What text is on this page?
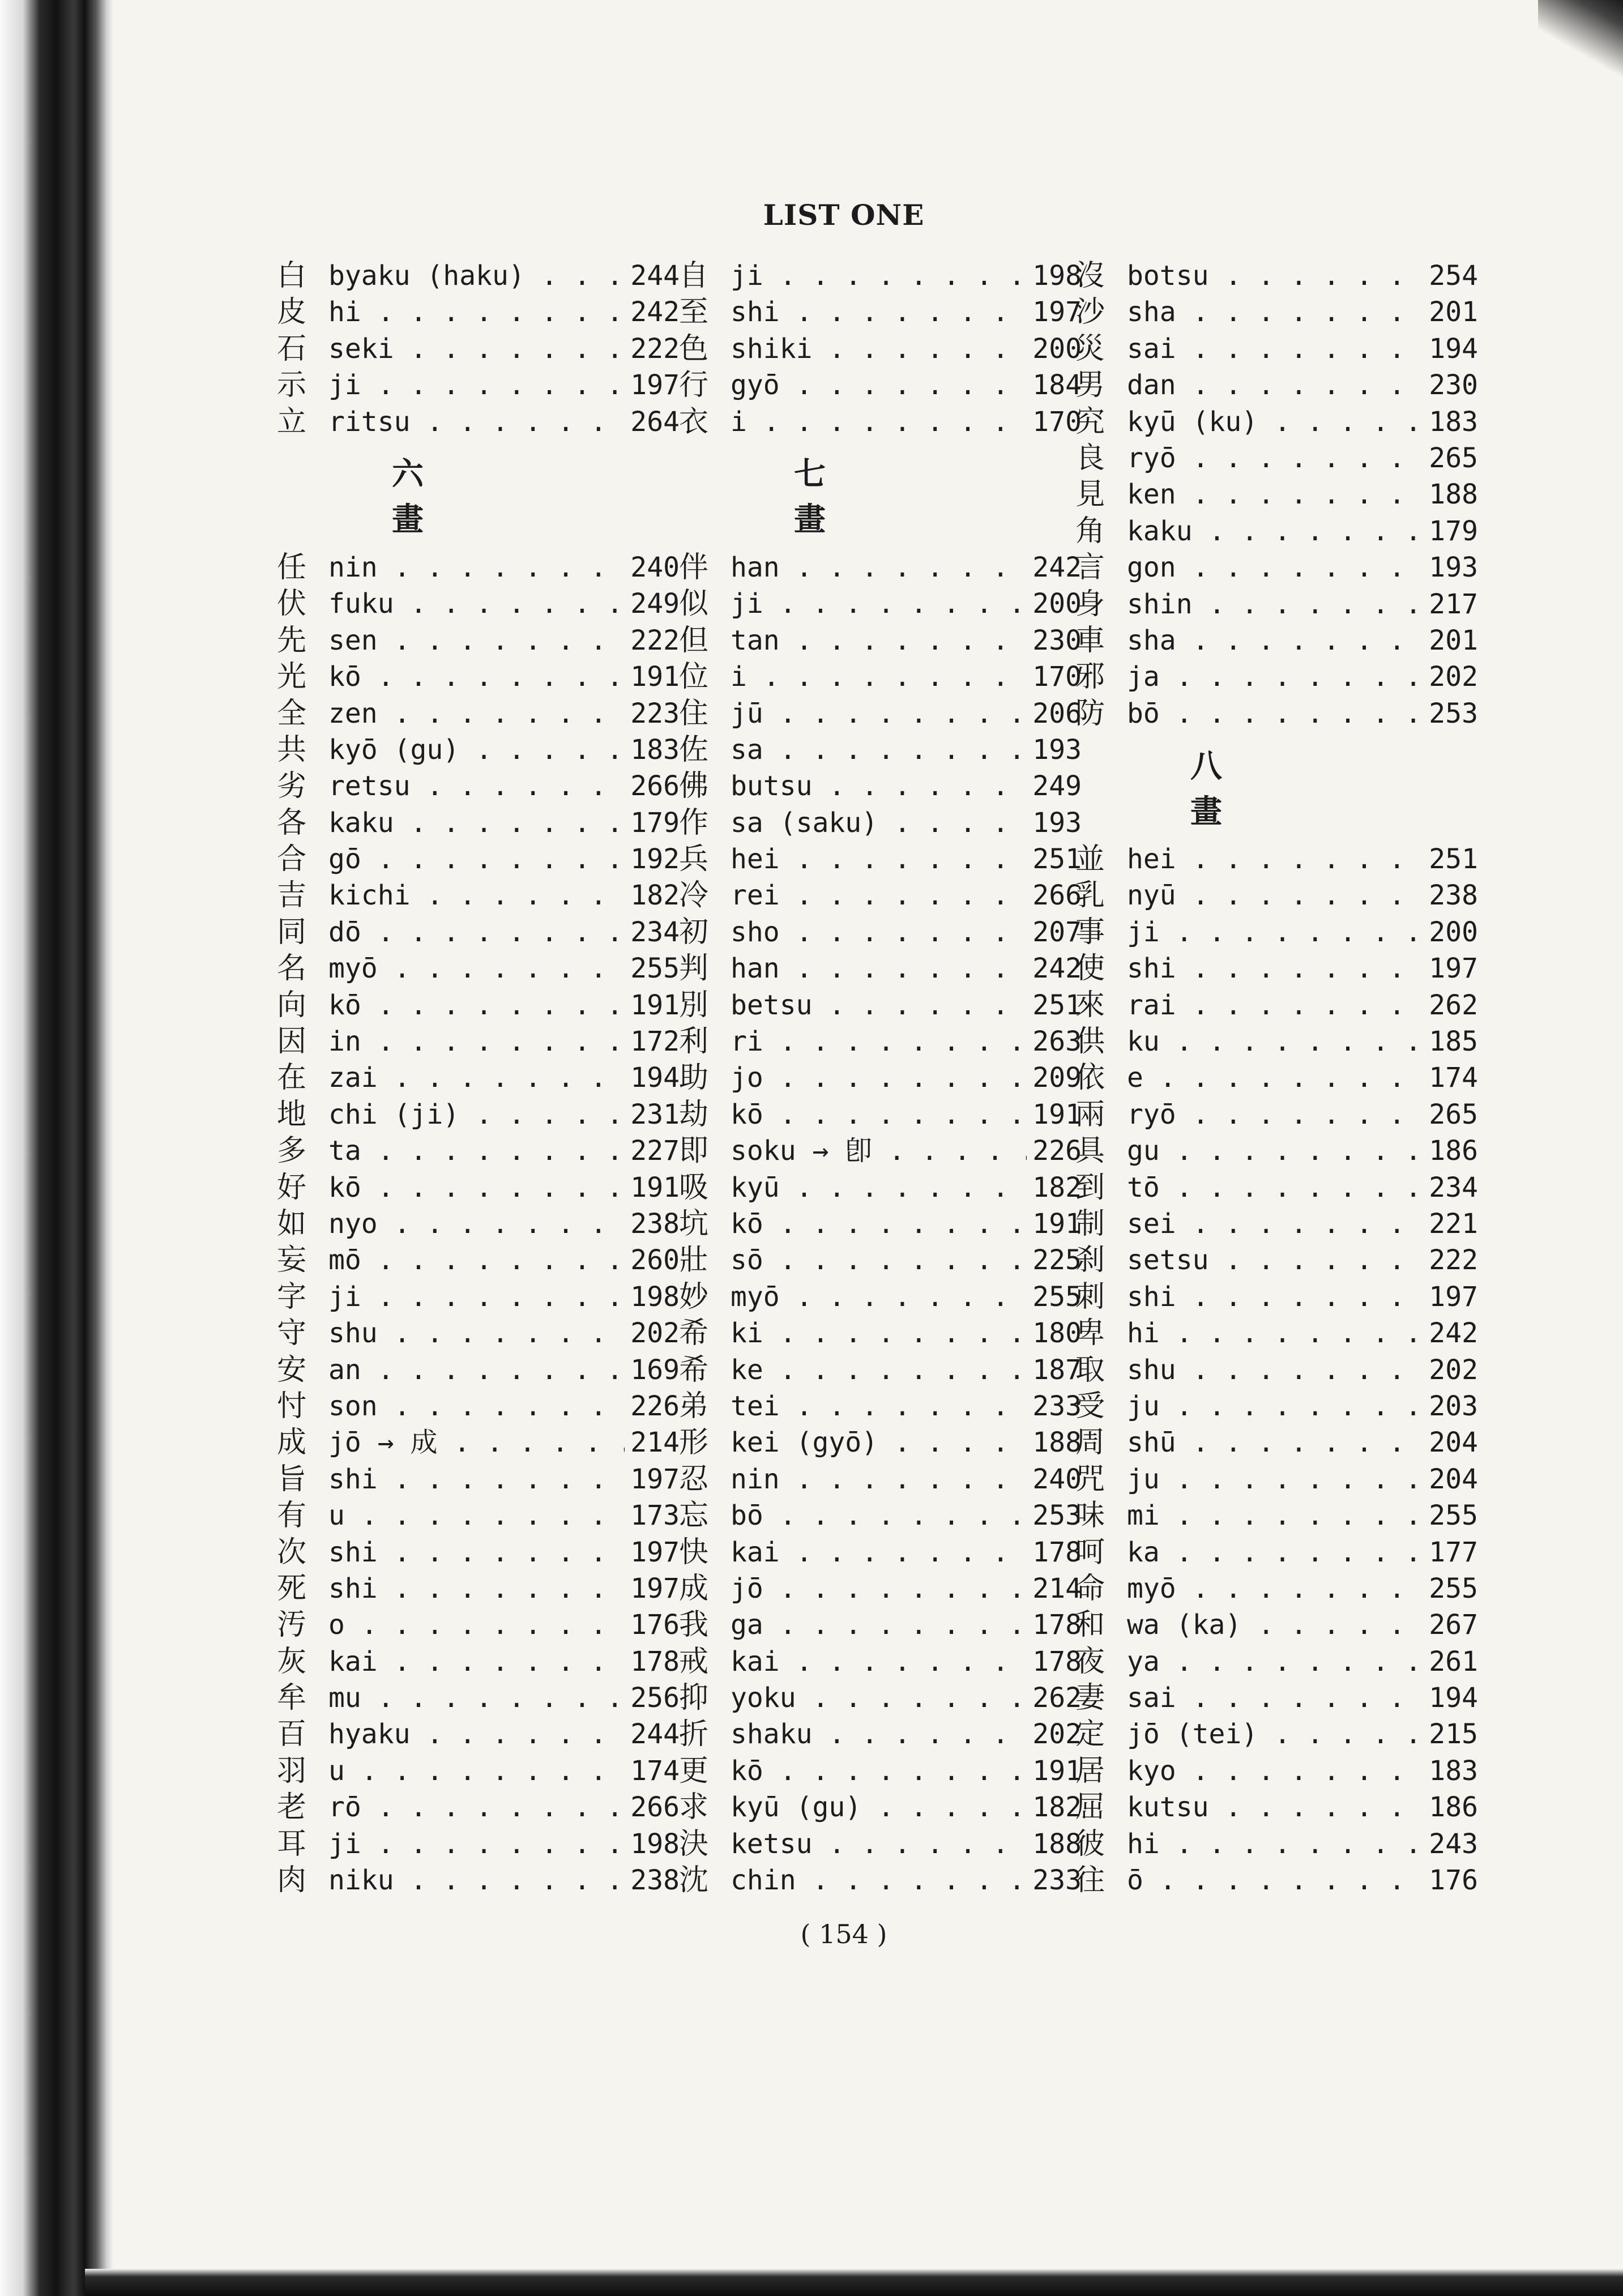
LIST ONE
白 byaku (haku) . . .	244
皮 hi . . .	242
石 seki . . .	222
示 ji . . .	197
立 ritsu . . .	264
六 畫
任 nin . . .	240
伏 fuku . . .	249
先 sen . . .	222
光 kō . . .	191
全 zen . . .	223
共 kyō (gu) . . .	183
劣 retsu . . .	266
各 kaku . . .	179
合 gō . . .	192
吉 kichi . . .	182
同 dō . . .	234
名 myō . . .	255
向 kō . . .	191
因 in . . .	172
在 zai . . .	194
地 chi (ji) . . .	231
多 ta . . .	227
好 kō . . .	191
如 nyo . . .	238
妄 mō . . .	260
字 ji . . .	198
守 shu . . .	202
安 an . . .	169
忖 son . . .	226
成 jō → 成 . . .	214
旨 shi . . .	197
有 u . . .	173
次 shi . . .	197
死 shi . . .	197
汚 o . . .	176
灰 kai . . .	178
牟 mu . . .	256
百 hyaku . . .	244
羽 u . . .	174
老 rō . . .	266
耳 ji . . .	198
肉 niku . . .	238
自 ji . . .	198
至 shi . . .	197
色 shiki . . .	200
行 gyō . . .	184
衣 i . . .	170
七 畫
伴 han . . .	242
似 ji . . .	200
但 tan . . .	230
位 i . . .	170
住 jū . . .	206
佐 sa . . .	193
佛 butsu . . .	249
作 sa (saku) . . .	193
兵 hei . . .	251
冷 rei . . .	266
初 sho . . .	207
判 han . . .	242
別 betsu . . .	251
利 ri . . .	263
助 jo . . .	209
劫 kō . . .	191
即 soku → 卽 . . .	226
吸 kyū . . .	182
坑 kō . . .	191
壯 sō . . .	225
妙 myō . . .	255
希 ki . . .	180
希 ke . . .	187
弟 tei . . .	233
形 kei (gyō) . . .	188
忍 nin . . .	240
忘 bō . . .	253
快 kai . . .	178
成 jō . . .	214
我 ga . . .	178
戒 kai . . .	178
抑 yoku . . .	262
折 shaku . . .	202
更 kō . . .	191
求 kyū (gu) . . .	182
決 ketsu . . .	188
沈 chin . . .	233
沒 botsu . . .	254
沙 sha . . .	201
災 sai . . .	194
男 dan . . .	230
究 kyū (ku) . . .	183
良 ryō . . .	265
見 ken . . .	188
角 kaku . . .	179
言 gon . . .	193
身 shin . . .	217
車 sha . . .	201
邪 ja . . .	202
防 bō . . .	253
八 畫
並 hei . . .	251
乳 nyū . . .	238
事 ji . . .	200
使 shi . . .	197
來 rai . . .	262
供 ku . . .	185
依 e . . .	174
兩 ryō . . .	265
具 gu . . .	186
到 tō . . .	234
制 sei . . .	221
刹 setsu . . .	222
刺 shi . . .	197
卑 hi . . .	242
取 shu . . .	202
受 ju . . .	203
周 shū . . .	204
咒 ju . . .	204
味 mi . . .	255
呵 ka . . .	177
命 myō . . .	255
和 wa (ka) . . .	267
夜 ya . . .	261
妻 sai . . .	194
定 jō (tei) . . .	215
居 kyo . . .	183
屈 kutsu . . .	186
彼 hi . . .	243
往 ō . . .	176
( 154 )
